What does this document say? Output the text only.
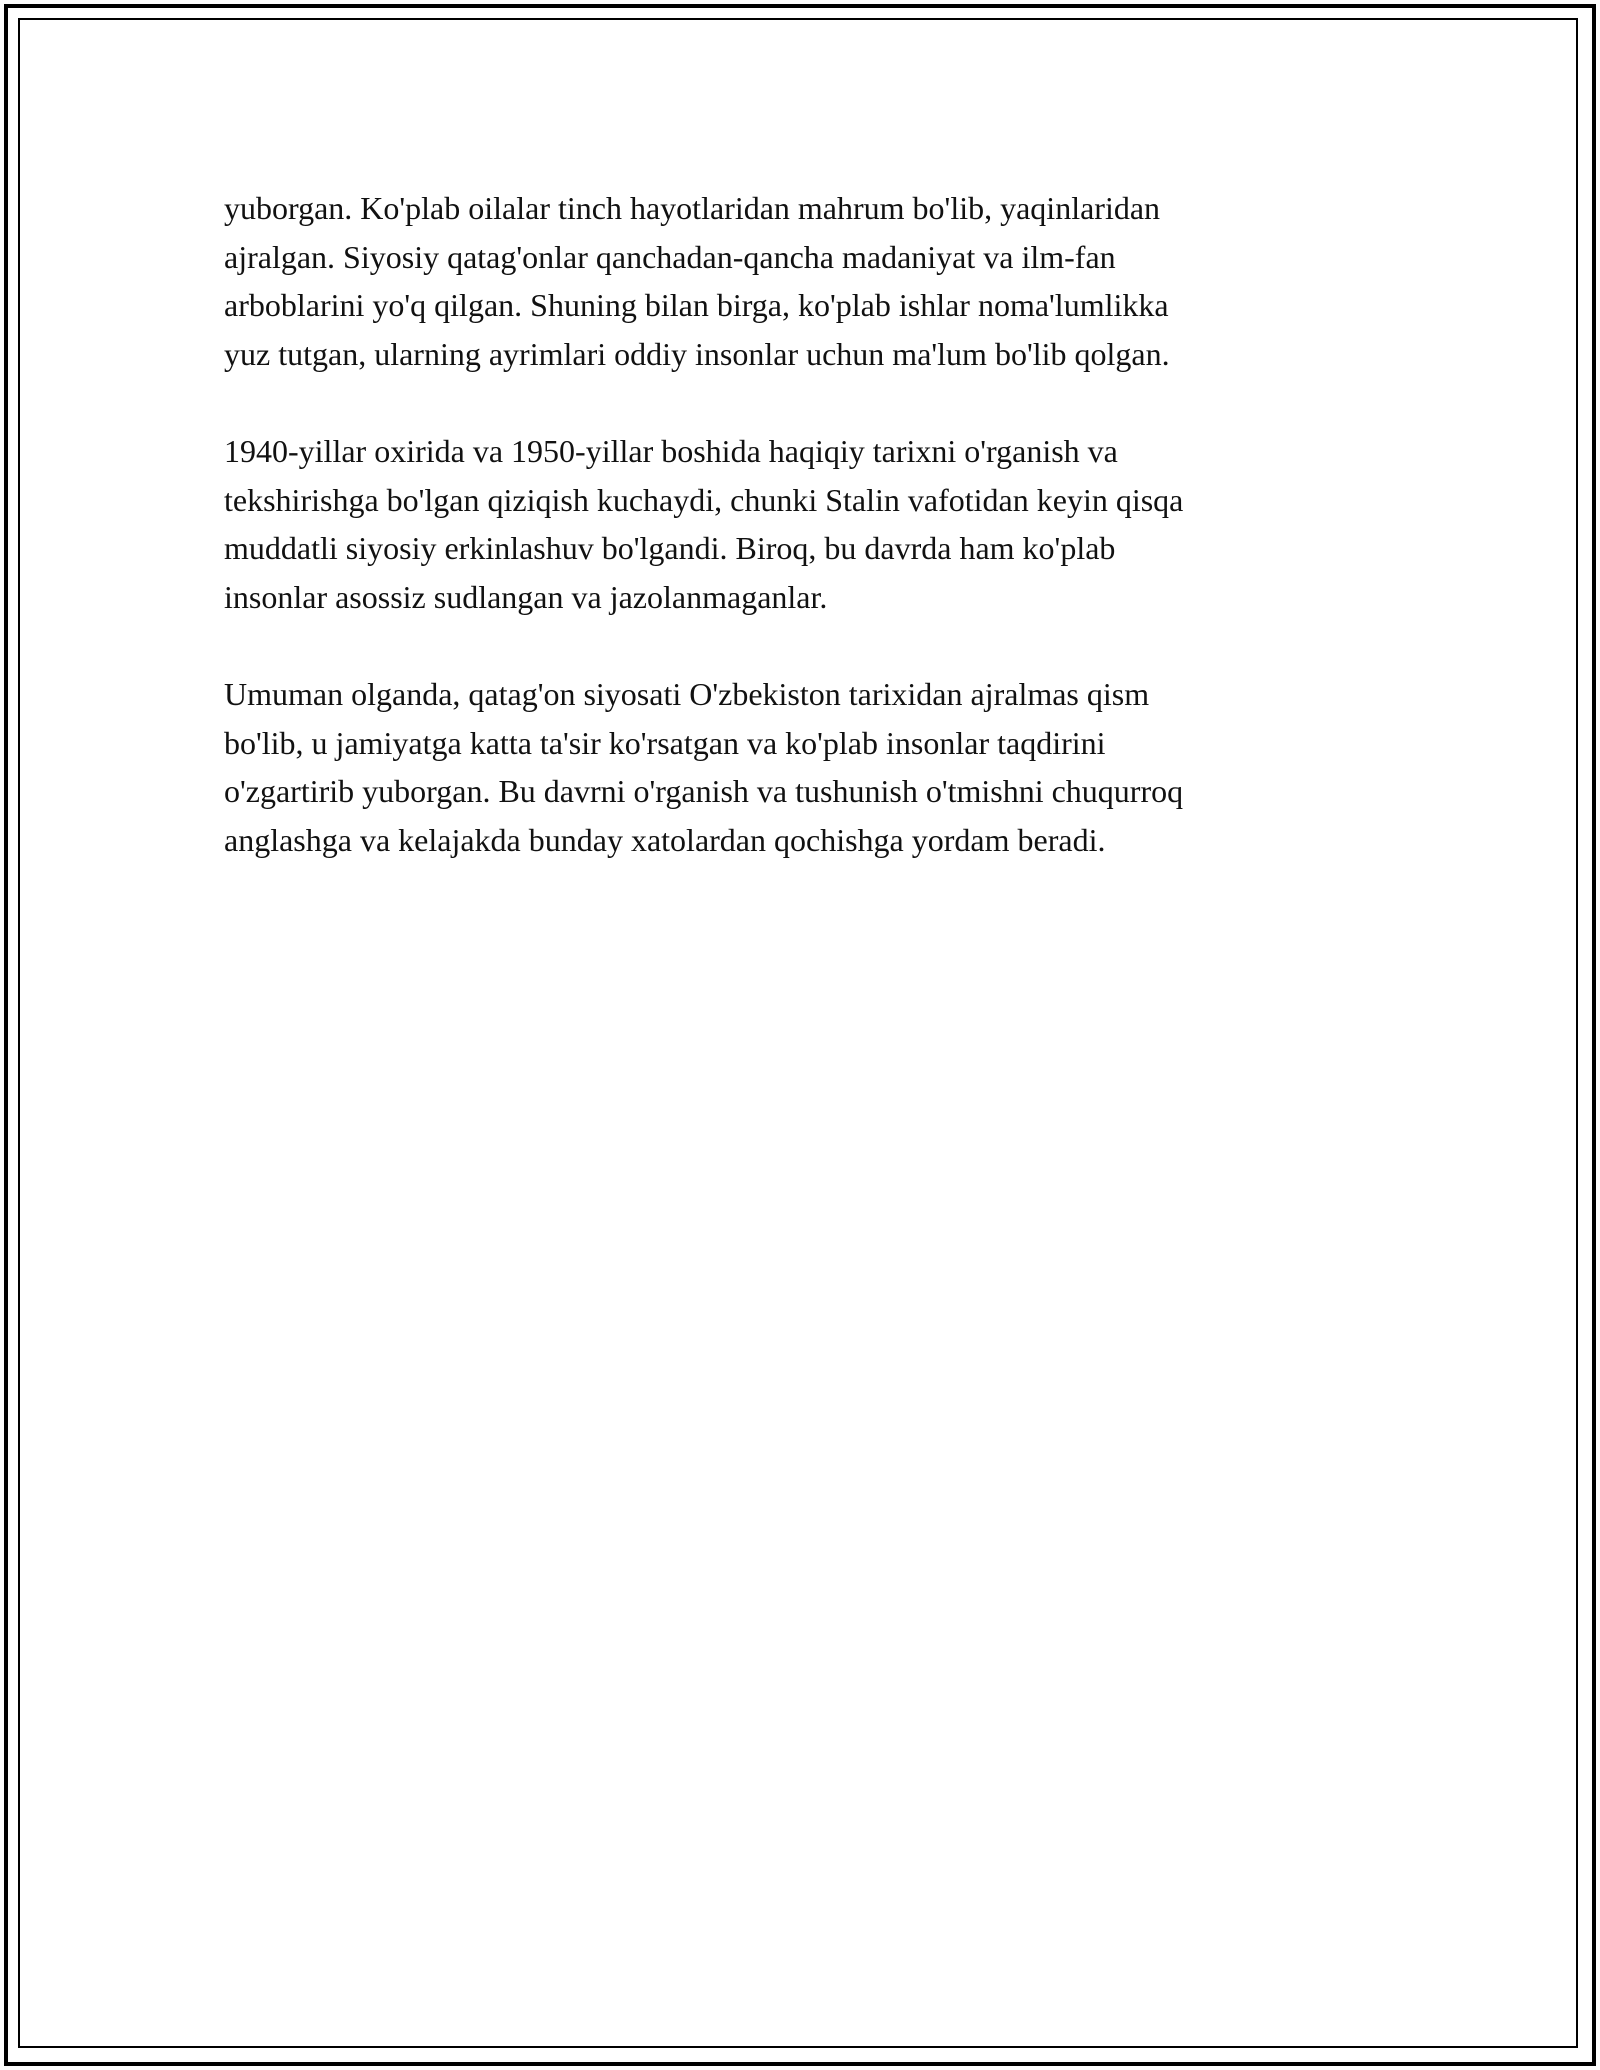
yuborgan. Ko'plab oilalar tinch hayotlaridan mahrum bo'lib, yaqinlaridan
ajralgan. Siyosiy qatag'onlar qanchadan-qancha madaniyat va ilm-fan
arboblarini yo'q qilgan. Shuning bilan birga, ko'plab ishlar noma'lumlikka
yuz tutgan, ularning ayrimlari oddiy insonlar uchun ma'lum bo'lib qolgan.

1940-yillar oxirida va 1950-yillar boshida haqiqiy tarixni o'rganish va
tekshirishga bo'lgan qiziqish kuchaydi, chunki Stalin vafotidan keyin qisqa
muddatli siyosiy erkinlashuv bo'lgandi. Biroq, bu davrda ham ko'plab
insonlar asossiz sudlangan va jazolanmaganlar.

Umuman olganda, qatag'on siyosati O'zbekiston tarixidan ajralmas qism
bo'lib, u jamiyatga katta ta'sir ko'rsatgan va ko'plab insonlar taqdirini
o'zgartirib yuborgan. Bu davrni o'rganish va tushunish o'tmishni chuqurroq
anglashga va kelajakda bunday xatolardan qochishga yordam beradi.
